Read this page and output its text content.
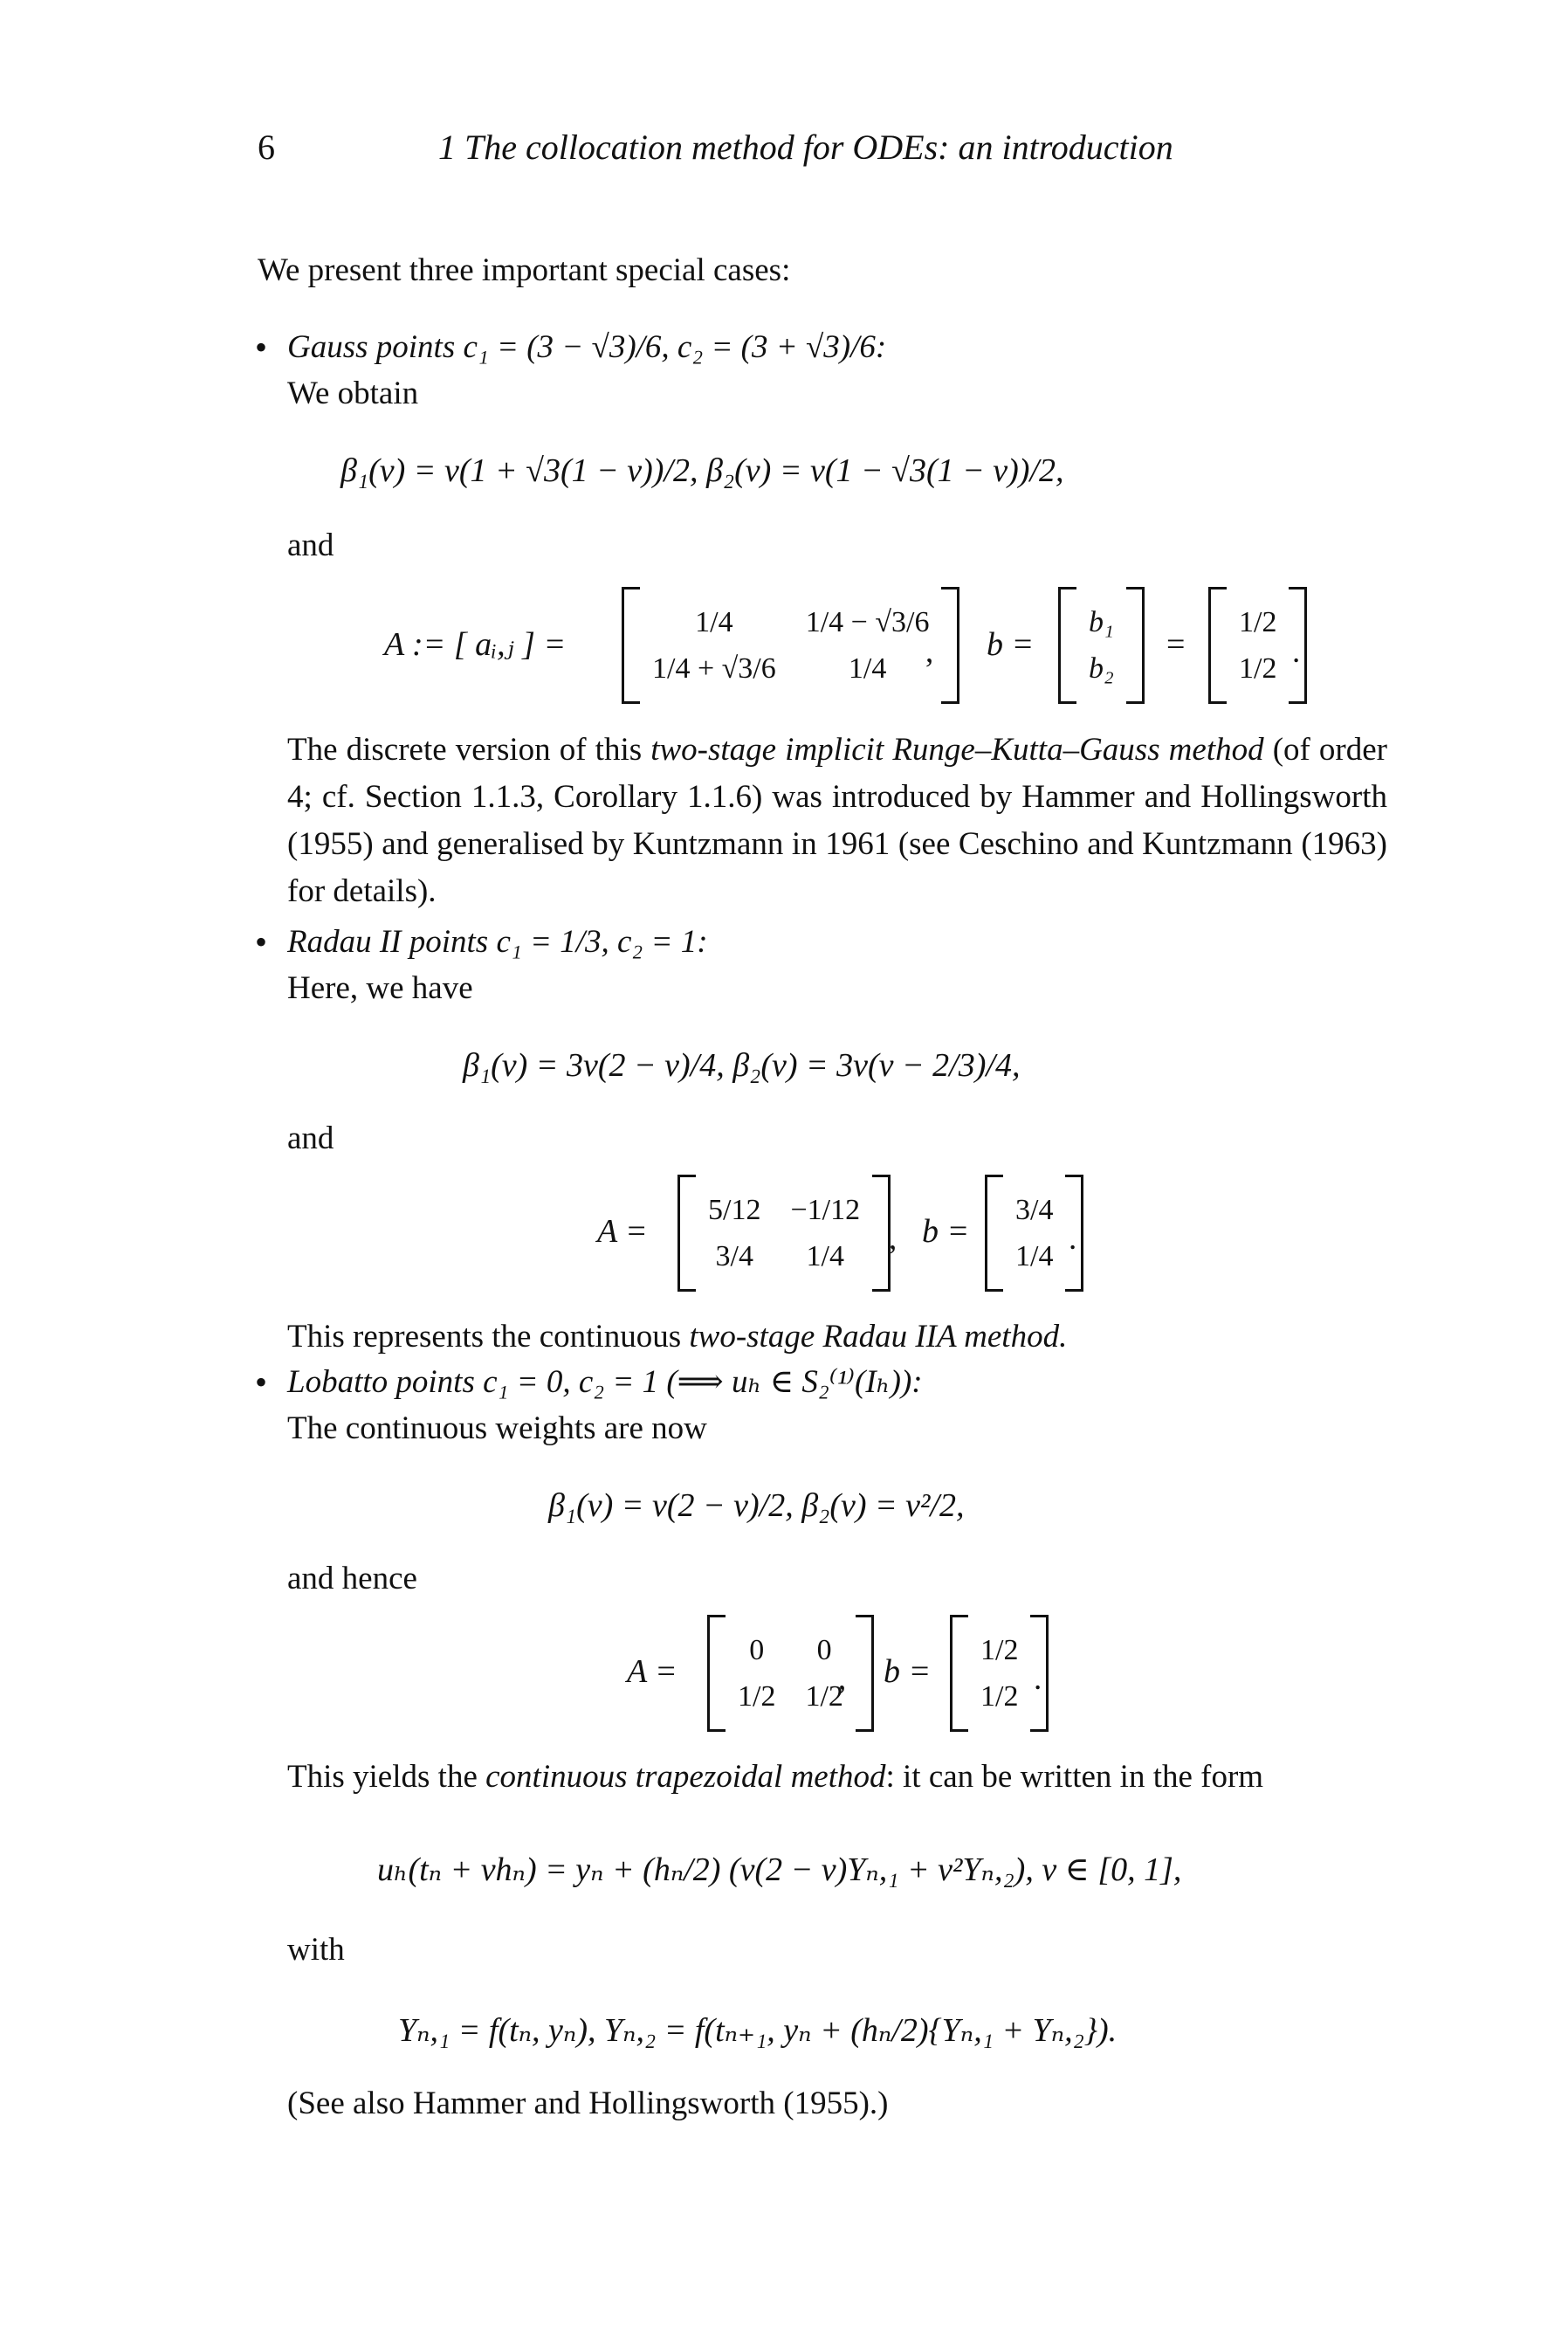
6	1 The collocation method for ODEs: an introduction
We present three important special cases:
• Gauss points c₁ = (3 − √3)/6, c₂ = (3 + √3)/6:
We obtain
β₁(v) = v(1 + √3(1 − v))/2, β₂(v) = v(1 − √3(1 − v))/2,
and
A := [ aᵢ,ⱼ ] =
1/4 1/4 − √3/6
1/4 + √3/6 1/4 , b =
b₁
b₂
=
1/2
1/2 .
The discrete version of this two-stage implicit Runge–Kutta–Gauss method (of order 4; cf. Section 1.1.3, Corollary 1.1.6) was introduced by Hammer and Hollingsworth (1955) and generalised by Kuntzmann in 1961 (see Ceschino and Kuntzmann (1963) for details).
• Radau II points c₁ = 1/3, c₂ = 1:
Here, we have
β₁(v) = 3v(2 − v)/4, β₂(v) = 3v(v − 2/3)/4,
and
A =
5/12 −1/12
3/4 1/4 , b =
3/4
1/4 .
This represents the continuous two-stage Radau IIA method.
• Lobatto points c₁ = 0, c₂ = 1 (⟹ uₕ ∈ S₂⁽¹⁾(Iₕ)):
The continuous weights are now
β₁(v) = v(2 − v)/2, β₂(v) = v²/2,
and hence
A =
0 0
1/2 1/2
, b =
1/2
1/2 .
This yields the continuous trapezoidal method: it can be written in the form
uₕ(tₙ + vhₙ) = yₙ + (hₙ/2) (v(2 − v)Yₙ,₁ + v²Yₙ,₂), v ∈ [0, 1],
with
Yₙ,₁ = f(tₙ, yₙ), Yₙ,₂ = f(tₙ₊₁, yₙ + (hₙ/2){Yₙ,₁ + Yₙ,₂}).
(See also Hammer and Hollingsworth (1955).)
